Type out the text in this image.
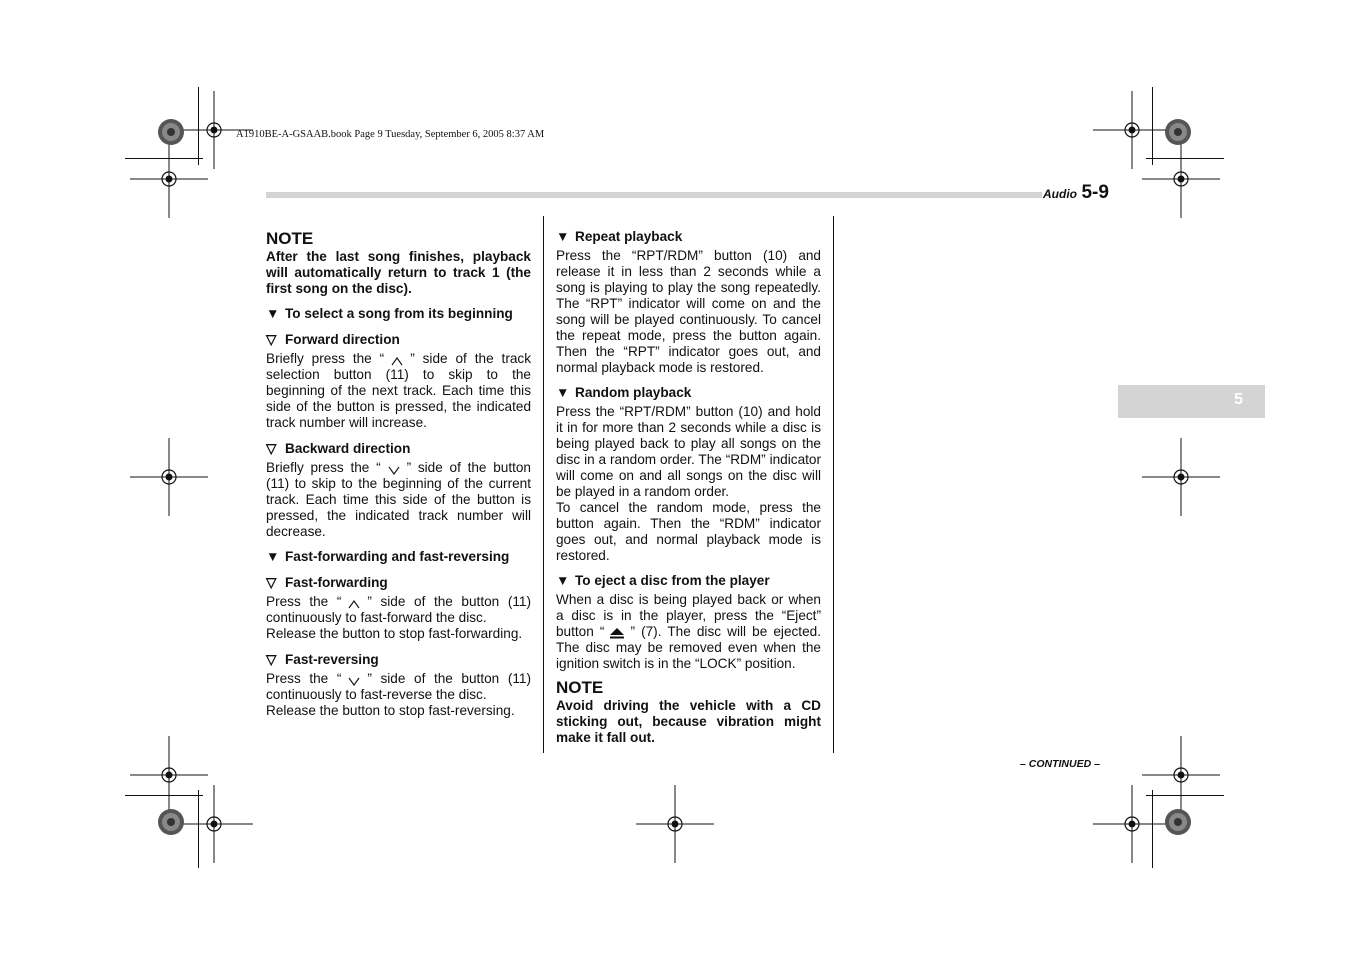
A1910BE-A-GSAAB.book Page 9 Tuesday, September 6, 2005 8:37 AM
Audio 5-9
5
NOTE
After the last song finishes, playback will automatically return to track 1 (the first song on the disc).
▼ To select a song from its beginning
▽ Forward direction
Briefly press the “ ” side of the track selection button (11) to skip to the beginning of the next track. Each time this side of the button is pressed, the indicated track number will increase.
▽ Backward direction
Briefly press the “ ” side of the button (11) to skip to the beginning of the current track. Each time this side of the button is pressed, the indicated track number will decrease.
▼ Fast-forwarding and fast-reversing
▽ Fast-forwarding
Press the “ ” side of the button (11) continuously to fast-forward the disc.
Release the button to stop fast-forwarding.
▽ Fast-reversing
Press the “ ” side of the button (11) continuously to fast-reverse the disc.
Release the button to stop fast-reversing.
▼ Repeat playback
Press the “RPT/RDM” button (10) and release it in less than 2 seconds while a song is playing to play the song repeatedly. The “RPT” indicator will come on and the song will be played continuously. To cancel the repeat mode, press the button again. Then the “RPT” indicator goes out, and normal playback mode is restored.
▼ Random playback
Press the “RPT/RDM” button (10) and hold it in for more than 2 seconds while a disc is being played back to play all songs on the disc in a random order. The “RDM” indicator will come on and all songs on the disc will be played in a random order.
To cancel the random mode, press the button again. Then the “RDM” indicator goes out, and normal playback mode is restored.
▼ To eject a disc from the player
When a disc is being played back or when a disc is in the player, press the “Eject” button “ ” (7). The disc will be ejected. The disc may be removed even when the ignition switch is in the “LOCK” position.
NOTE
Avoid driving the vehicle with a CD sticking out, because vibration might make it fall out.
– CONTINUED –
